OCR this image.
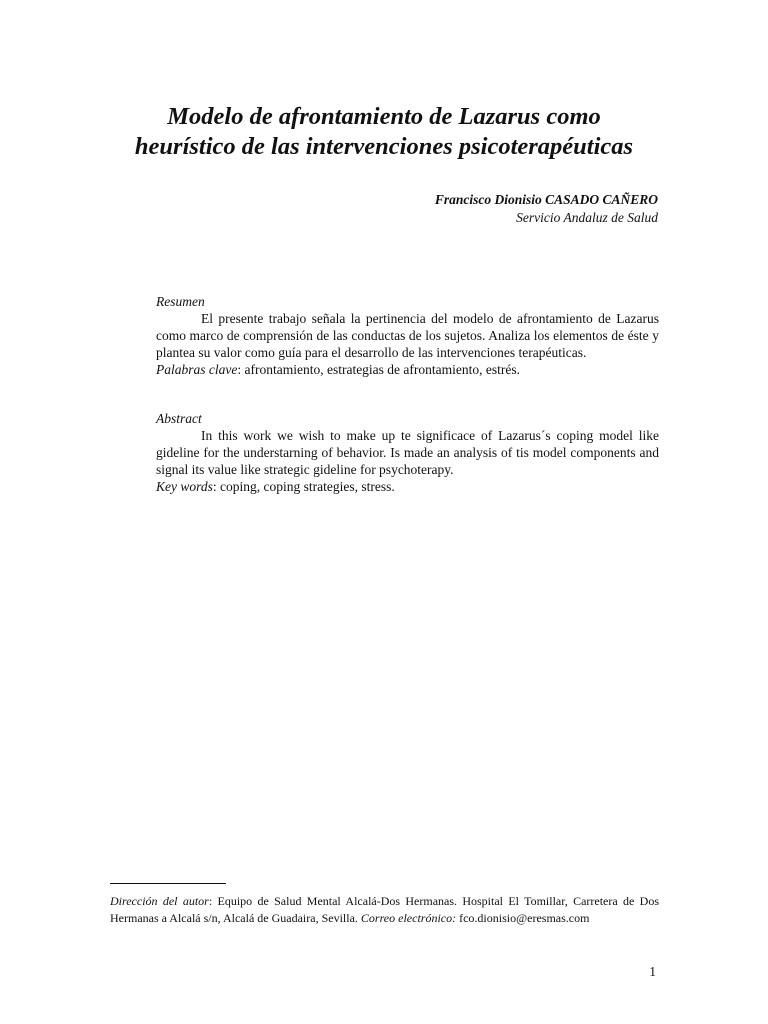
Modelo de afrontamiento de Lazarus como
heurístico de las intervenciones psicoterapéuticas
Francisco Dionisio CASADO CAÑERO
Servicio Andaluz de Salud

Resumen

El presente trabajo señala la pertinencia del modelo de afrontamiento de Lazarus como marco de comprensión de las conductas de los sujetos. Analiza los elementos de éste y plantea su valor como guía para el desarrollo de las intervenciones terapéuticas.

Palabras clave: afrontamiento, estrategias de afrontamiento, estrés.

Abstract

In this work we wish to make up te significace of Lazarus´s coping model like gideline for the understarning of behavior. Is made an analysis of tis model components and signal its value like strategic gideline for psychoterapy.

Key words: coping, coping strategies, stress.

Dirección del autor: Equipo de Salud Mental Alcalá-Dos Hermanas. Hospital El Tomillar, Carretera de Dos Hermanas a Alcalá s/n, Alcalá de Guadaira, Sevilla. Correo electrónico: fco.dionisio@eresmas.com
1
